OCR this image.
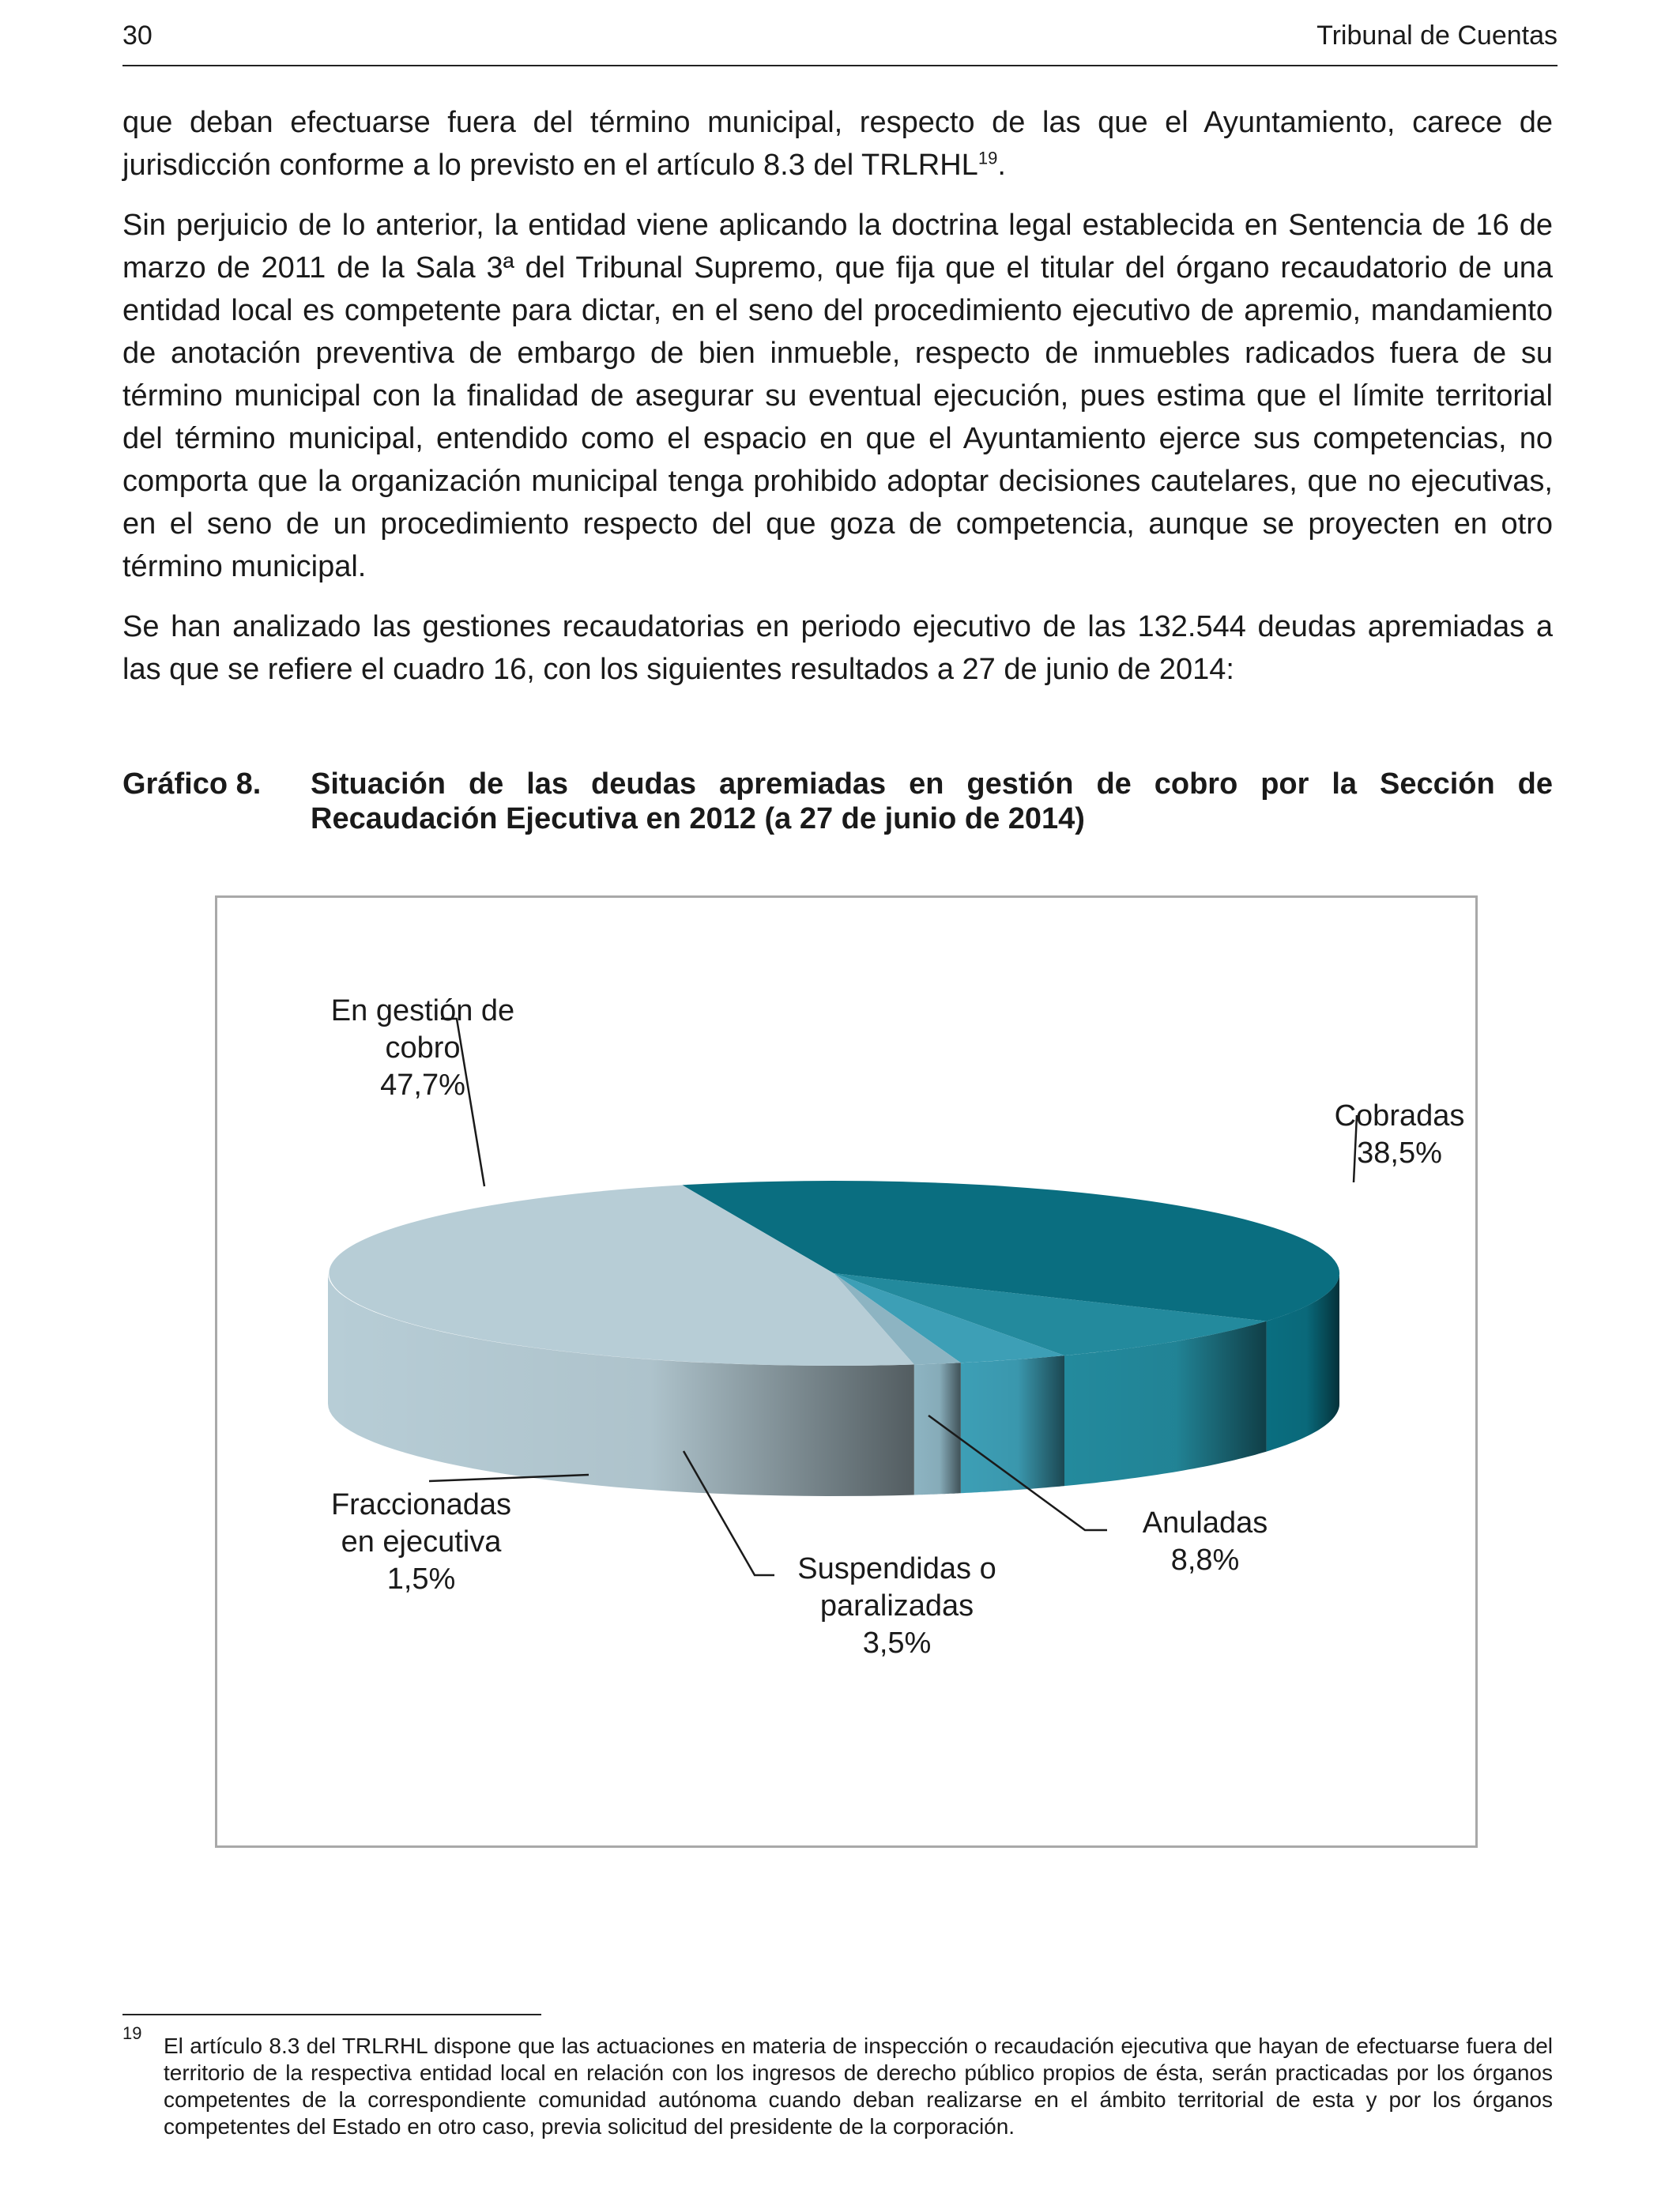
30	Tribunal de Cuentas

que deban efectuarse fuera del término municipal, respecto de las que el Ayuntamiento, carece de jurisdicción conforme a lo previsto en el artículo 8.3 del TRLRHL$^{19}$.

Sin perjuicio de lo anterior, la entidad viene aplicando la doctrina legal establecida en Sentencia de 16 de marzo de 2011 de la Sala 3ª del Tribunal Supremo, que fija que el titular del órgano recaudatorio de una entidad local es competente para dictar, en el seno del procedimiento ejecutivo de apremio, mandamiento de anotación preventiva de embargo de bien inmueble, respecto de inmuebles radicados fuera de su término municipal con la finalidad de asegurar su eventual ejecución, pues estima que el límite territorial del término municipal, entendido como el espacio en que el Ayuntamiento ejerce sus competencias, no comporta que la organización municipal tenga prohibido adoptar decisiones cautelares, que no ejecutivas, en el seno de un procedimiento respecto del que goza de competencia, aunque se proyecten en otro término municipal.

Se han analizado las gestiones recaudatorias en periodo ejecutivo de las 132.544 deudas apremiadas a las que se refiere el cuadro 16, con los siguientes resultados a 27 de junio de 2014:

Gráfico 8. Situación de las deudas apremiadas en gestión de cobro por la Sección de Recaudación Ejecutiva en 2012 (a 27 de junio de 2014)
En gestión de cobro 47,7%
Cobradas 38,5%
Anuladas 8,8%
Suspendidas o paralizadas 3,5%
Fraccionadas en ejecutiva 1,5%
19
El artículo 8.3 del TRLRHL dispone que las actuaciones en materia de inspección o recaudación ejecutiva que hayan de efectuarse fuera del territorio de la respectiva entidad local en relación con los ingresos de derecho público propios de ésta, serán practicadas por los órganos competentes de la correspondiente comunidad autónoma cuando deban realizarse en el ámbito territorial de esta y por los órganos competentes del Estado en otro caso, previa solicitud del presidente de la corporación.
